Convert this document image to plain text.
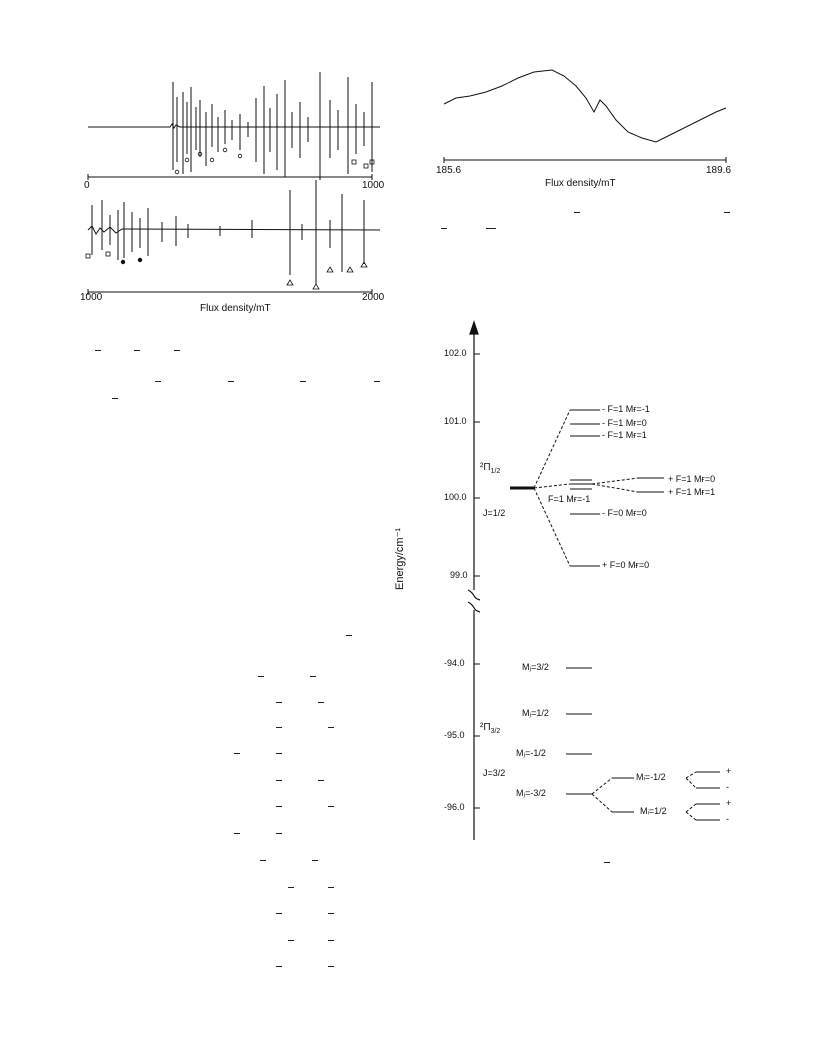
0	1000
1000	2000
Flux density/mT
185.6	189.6
Flux density/mT
Energy/cm⁻¹
102.0
101.0
100.0
99.0
-94.0
-95.0
-96.0
$^2\Pi_{1/2}$
J=1/2
- F=1 Mғ=-1
- F=1 Mғ=0
- F=1 Mғ=1
+ F=1 Mғ=0
+ F=1 Mғ=1
F=1 Mғ=-1
- F=0 Mғ=0
+ F=0 Mғ=0
$^2\Pi_{3/2}$
J=3/2
Mⱼ=3/2
Mⱼ=1/2
Mⱼ=-1/2
Mⱼ=-3/2
Mᵢ=-1/2
Mᵢ=1/2
+
-
+
-
